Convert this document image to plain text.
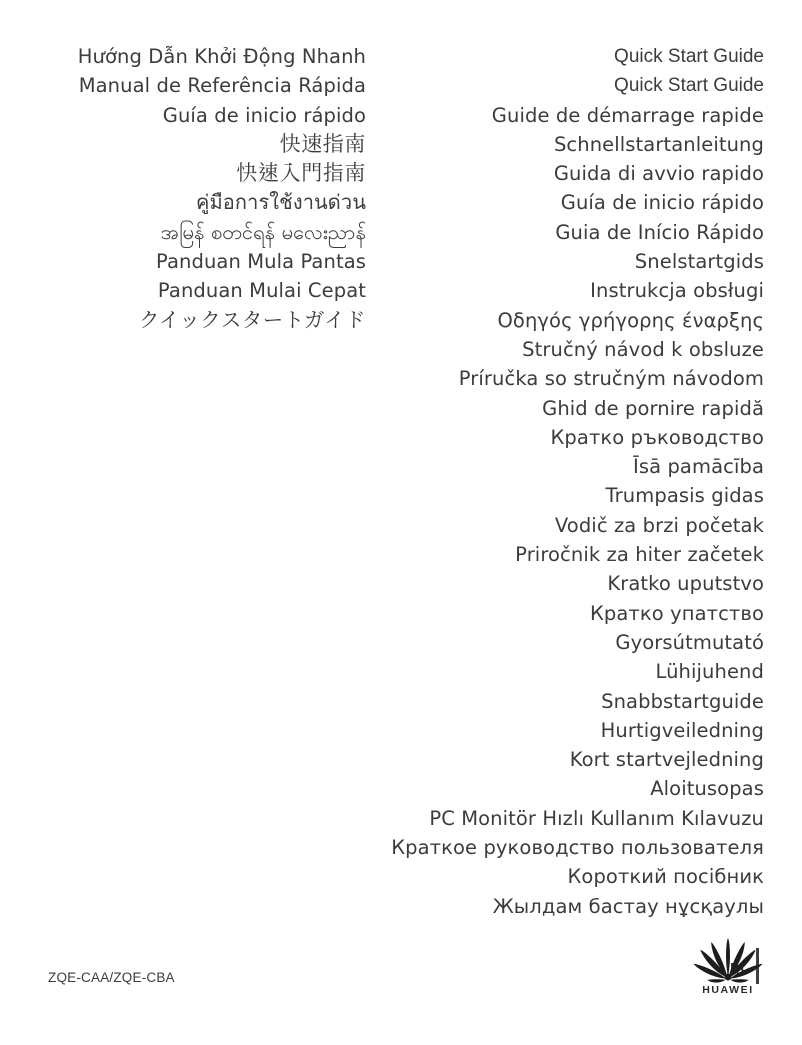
Hướng Dẫn Khởi Động Nhanh
Manual de Referência Rápida
Guía de inicio rápido
快速指南
快速入門指南
คู่มือการใช้งานด่วน
အမြန် စတင်ရန် မလေးညာန်
Panduan Mula Pantas
Panduan Mulai Cepat
クイックスタートガイド
Quick Start Guide
Quick Start Guide
Guide de démarrage rapide
Schnellstartanleitung
Guida di avvio rapido
Guía de inicio rápido
Guia de Início Rápido
Snelstartgids
Instrukcja obsługi
Οδηγός γρήγορης έναρξης
Stručný návod k obsluze
Príručka so stručným návodom
Ghid de pornire rapidă
Кратко ръководство
Īsā pamācība
Trumpasis gidas
Vodič za brzi početak
Priročnik za hiter začetek
Kratko uputstvo
Кратко упатство
Gyorsútmutató
Lühijuhend
Snabbstartguide
Hurtigveiledning
Kort startvejledning
Aloitusopas
PC Monitör Hızlı Kullanım Kılavuzu
Краткое руководство пользователя
Короткий посібник
Жылдам бастау нұсқаулы
ZQE-CAA/ZQE-CBA
HUAWEI
ҧ
